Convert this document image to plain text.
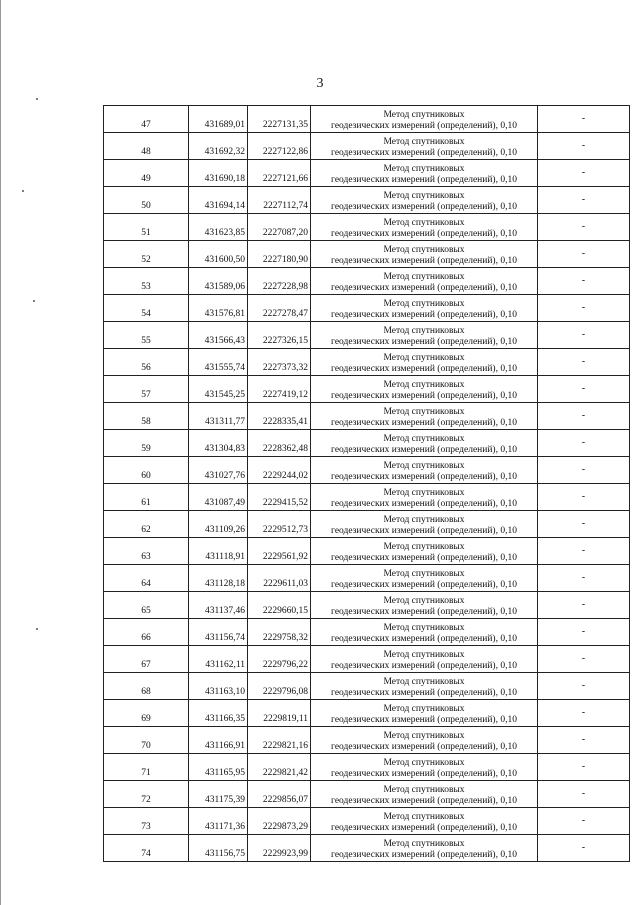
3
47	431689,01	2227131,35	Метод спутниковых
геодезических измерений (определений), 0,10	-
48	431692,32	2227122,86	Метод спутниковых
геодезических измерений (определений), 0,10	-
49	431690,18	2227121,66	Метод спутниковых
геодезических измерений (определений), 0,10	-
50	431694,14	2227112,74	Метод спутниковых
геодезических измерений (определений), 0,10	-
51	431623,85	2227087,20	Метод спутниковых
геодезических измерений (определений), 0,10	-
52	431600,50	2227180,90	Метод спутниковых
геодезических измерений (определений), 0,10	-
53	431589,06	2227228,98	Метод спутниковых
геодезических измерений (определений), 0,10	-
54	431576,81	2227278,47	Метод спутниковых
геодезических измерений (определений), 0,10	-
55	431566,43	2227326,15	Метод спутниковых
геодезических измерений (определений), 0,10	-
56	431555,74	2227373,32	Метод спутниковых
геодезических измерений (определений), 0,10	-
57	431545,25	2227419,12	Метод спутниковых
геодезических измерений (определений), 0,10	-
58	431311,77	2228335,41	Метод спутниковых
геодезических измерений (определений), 0,10	-
59	431304,83	2228362,48	Метод спутниковых
геодезических измерений (определений), 0,10	-
60	431027,76	2229244,02	Метод спутниковых
геодезических измерений (определений), 0,10	-
61	431087,49	2229415,52	Метод спутниковых
геодезических измерений (определений), 0,10	-
62	431109,26	2229512,73	Метод спутниковых
геодезических измерений (определений), 0,10	-
63	431118,91	2229561,92	Метод спутниковых
геодезических измерений (определений), 0,10	-
64	431128,18	2229611,03	Метод спутниковых
геодезических измерений (определений), 0,10	-
65	431137,46	2229660,15	Метод спутниковых
геодезических измерений (определений), 0,10	-
66	431156,74	2229758,32	Метод спутниковых
геодезических измерений (определений), 0,10	-
67	431162,11	2229796,22	Метод спутниковых
геодезических измерений (определений), 0,10	-
68	431163,10	2229796,08	Метод спутниковых
геодезических измерений (определений), 0,10	-
69	431166,35	2229819,11	Метод спутниковых
геодезических измерений (определений), 0,10	-
70	431166,91	2229821,16	Метод спутниковых
геодезических измерений (определений), 0,10	-
71	431165,95	2229821,42	Метод спутниковых
геодезических измерений (определений), 0,10	-
72	431175,39	2229856,07	Метод спутниковых
геодезических измерений (определений), 0,10	-
73	431171,36	2229873,29	Метод спутниковых
геодезических измерений (определений), 0,10	-
74	431156,75	2229923,99	Метод спутниковых
геодезических измерений (определений), 0,10	-
